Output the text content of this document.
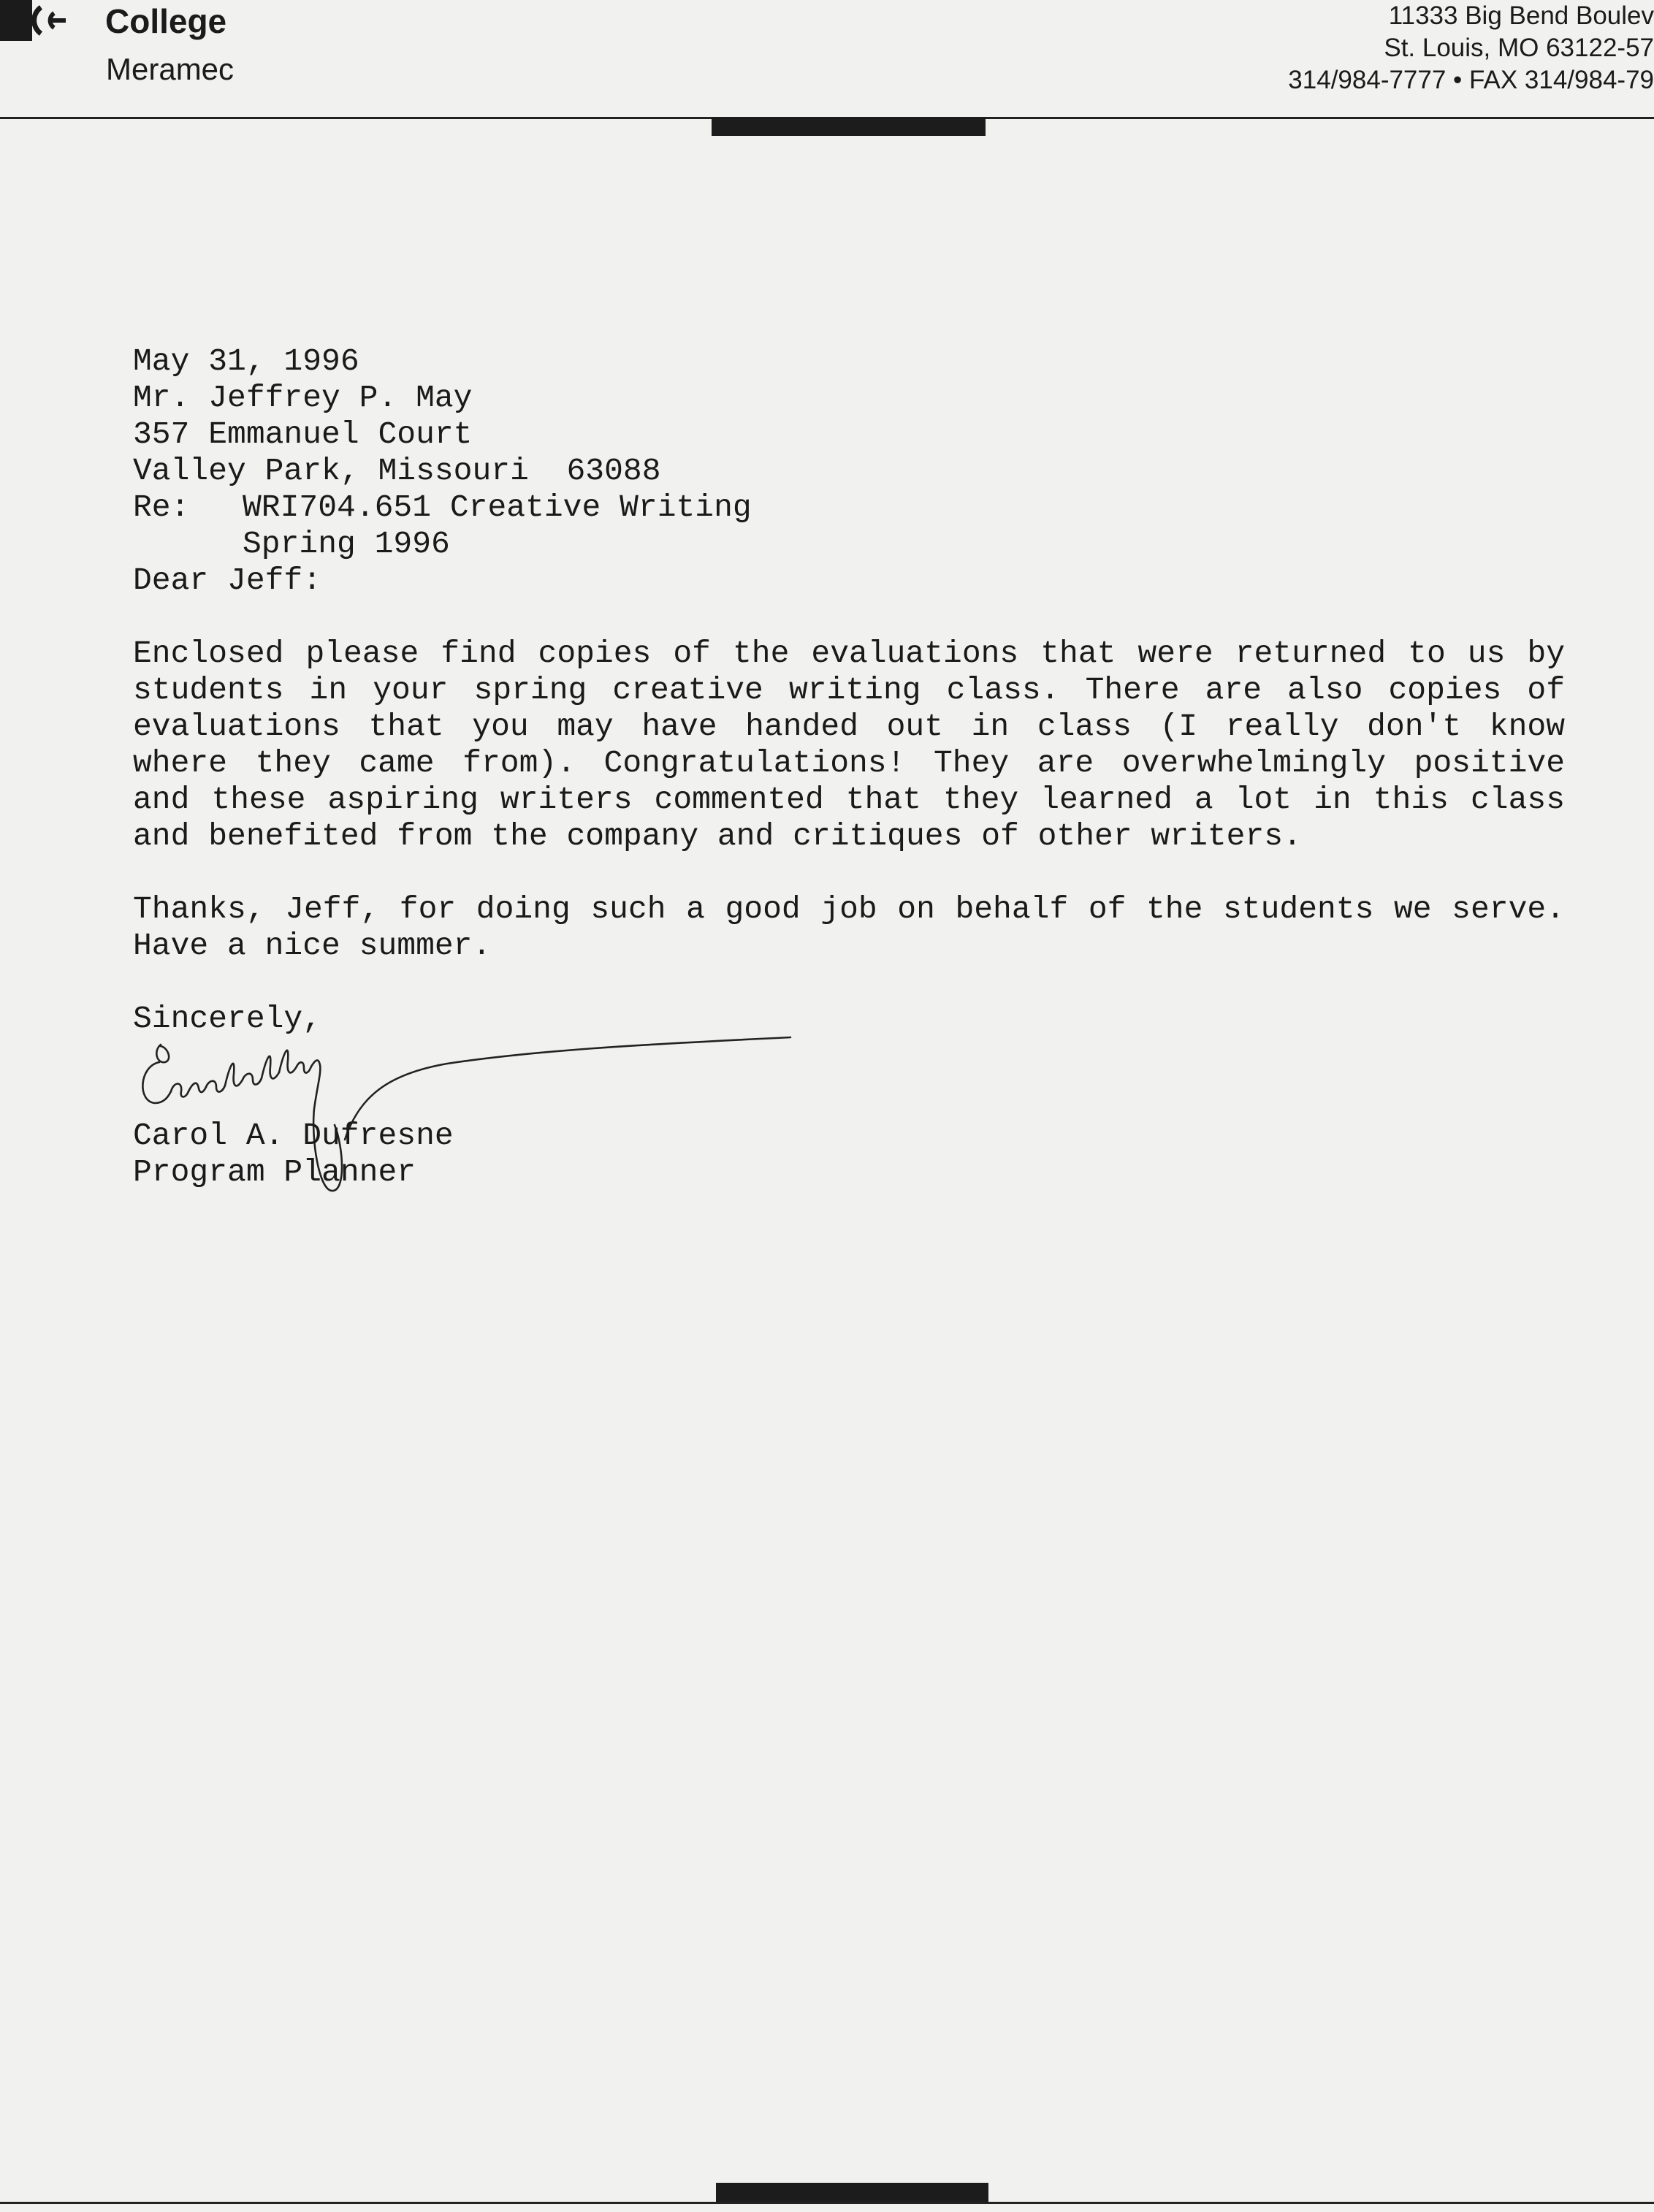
College
Meramec
11333 Big Bend Boulev
St. Louis, MO 63122-57
314/984-7777 • FAX 314/984-79

May 31, 1996

Mr. Jeffrey P. May
357 Emmanuel Court
Valley Park, Missouri  63088
Re:	WRI704.651 Creative Writing
Spring 1996

Dear Jeff:

Enclosed please find copies of the evaluations that were returned to us by students in your spring creative writing class. There are also copies of evaluations that you may have handed out in class (I really don't know where they came from). Congratulations! They are overwhelmingly positive and these aspiring writers commented that they learned a lot in this class and benefited from the company and critiques of other writers.

Thanks, Jeff, for doing such a good job on behalf of the students we serve. Have a nice summer.

Sincerely,

Carol A. Dufresne
Program Planner
